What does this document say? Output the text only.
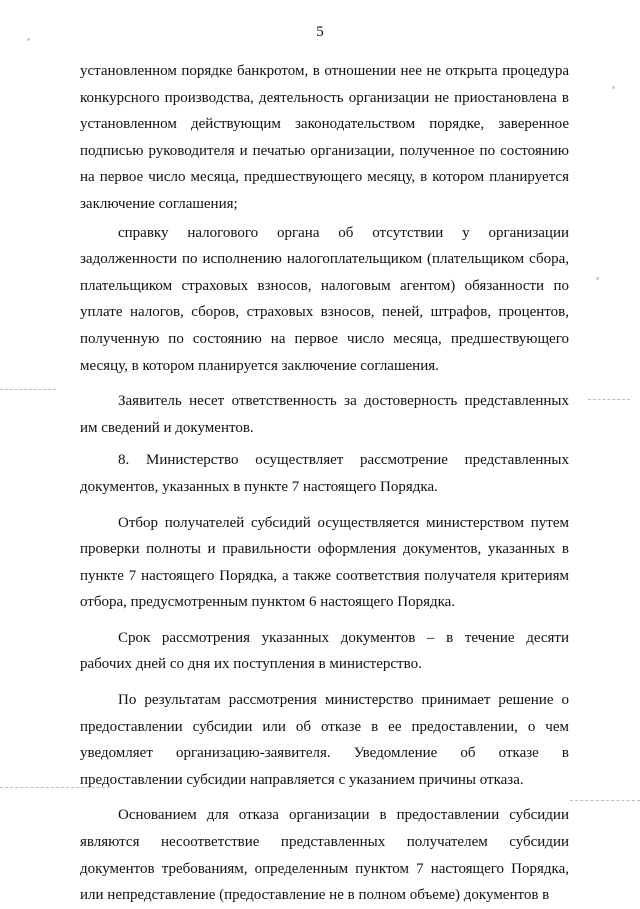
5

установленном порядке банкротом, в отношении нее не открыта процедура конкурсного производства, деятельность организации не приостановлена в установленном действующим законодательством порядке, заверенное подписью руководителя и печатью организации, полученное по состоянию на первое число месяца, предшествующего месяцу, в котором планируется заключение соглашения;

справку налогового органа об отсутствии у организации задолженности по исполнению налогоплательщиком (плательщиком сбора, плательщиком страховых взносов, налоговым агентом) обязанности по уплате налогов, сборов, страховых взносов, пеней, штрафов, процентов, полученную по состоянию на первое число месяца, предшествующего месяцу, в котором планируется заключение соглашения.

Заявитель несет ответственность за достоверность представленных им сведений и документов.

8. Министерство осуществляет рассмотрение представленных документов, указанных в пункте 7 настоящего Порядка.

Отбор получателей субсидий осуществляется министерством путем проверки полноты и правильности оформления документов, указанных в пункте 7 настоящего Порядка, а также соответствия получателя критериям отбора, предусмотренным пунктом 6 настоящего Порядка.

Срок рассмотрения указанных документов – в течение десяти рабочих дней со дня их поступления в министерство.

По результатам рассмотрения министерство принимает решение о предоставлении субсидии или об отказе в ее предоставлении, о чем уведомляет организацию-заявителя. Уведомление об отказе в предоставлении субсидии направляется с указанием причины отказа.

Основанием для отказа организации в предоставлении субсидии являются несоответствие представленных получателем субсидии документов требованиям, определенным пунктом 7 настоящего Порядка, или непредставление (предоставление не в полном объеме) документов в
